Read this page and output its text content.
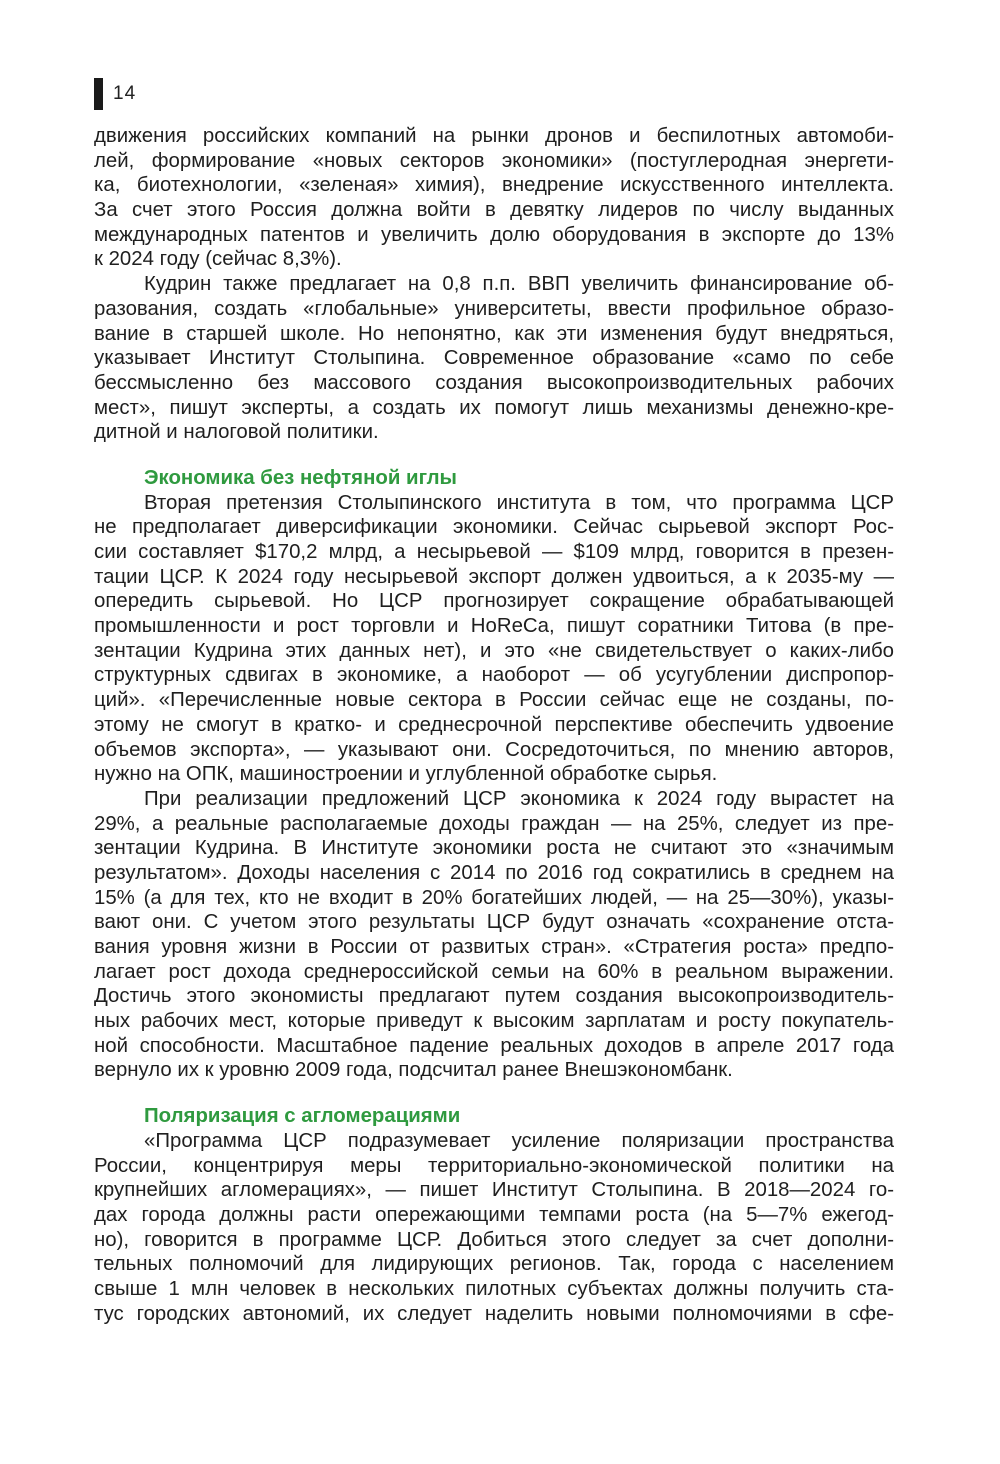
14
движения российских компаний на рынки дронов и беспилотных автомоби-
лей, формирование «новых секторов экономики» (постуглеродная энергети-
ка, биотехнологии, «зеленая» химия), внедрение искусственного интеллекта.
За счет этого Россия должна войти в девятку лидеров по числу выданных
международных патентов и увеличить долю оборудования в экспорте до 13%
к 2024 году (сейчас 8,3%).
Кудрин также предлагает на 0,8 п.п. ВВП увеличить финансирование об-
разования, создать «глобальные» университеты, ввести профильное образо-
вание в старшей школе. Но непонятно, как эти изменения будут внедряться,
указывает Институт Столыпина. Современное образование «само по себе
бессмысленно без массового создания высокопроизводительных рабочих
мест», пишут эксперты, а создать их помогут лишь механизмы денежно-кре-
дитной и налоговой политики.
Экономика без нефтяной иглы
Вторая претензия Столыпинского института в том, что программа ЦСР
не предполагает диверсификации экономики. Сейчас сырьевой экспорт Рос-
сии составляет $170,2 млрд, а несырьевой — $109 млрд, говорится в презен-
тации ЦСР. К 2024 году несырьевой экспорт должен удвоиться, а к 2035-му —
опередить сырьевой. Но ЦСР прогнозирует сокращение обрабатывающей
промышленности и рост торговли и HoReCa, пишут соратники Титова (в пре-
зентации Кудрина этих данных нет), и это «не свидетельствует о каких-либо
структурных сдвигах в экономике, а наоборот — об усугублении диспропор-
ций». «Перечисленные новые сектора в России сейчас еще не созданы, по-
этому не смогут в кратко- и среднесрочной перспективе обеспечить удвоение
объемов экспорта», — указывают они. Сосредоточиться, по мнению авторов,
нужно на ОПК, машиностроении и углубленной обработке сырья.
При реализации предложений ЦСР экономика к 2024 году вырастет на
29%, а реальные располагаемые доходы граждан — на 25%, следует из пре-
зентации Кудрина. В Институте экономики роста не считают это «значимым
результатом». Доходы населения с 2014 по 2016 год сократились в среднем на
15% (а для тех, кто не входит в 20% богатейших людей, — на 25—30%), указы-
вают они. С учетом этого результаты ЦСР будут означать «сохранение отста-
вания уровня жизни в России от развитых стран». «Стратегия роста» предпо-
лагает рост дохода среднероссийской семьи на 60% в реальном выражении.
Достичь этого экономисты предлагают путем создания высокопроизводитель-
ных рабочих мест, которые приведут к высоким зарплатам и росту покупатель-
ной способности. Масштабное падение реальных доходов в апреле 2017 года
вернуло их к уровню 2009 года, подсчитал ранее Внешэкономбанк.
Поляризация с агломерациями
«Программа ЦСР подразумевает усиление поляризации пространства
России, концентрируя меры территориально-экономической политики на
крупнейших агломерациях», — пишет Институт Столыпина. В 2018—2024 го-
дах города должны расти опережающими темпами роста (на 5—7% ежегод-
но), говорится в программе ЦСР. Добиться этого следует за счет дополни-
тельных полномочий для лидирующих регионов. Так, города с населением
свыше 1 млн человек в нескольких пилотных субъектах должны получить ста-
тус городских автономий, их следует наделить новыми полномочиями в сфе-
